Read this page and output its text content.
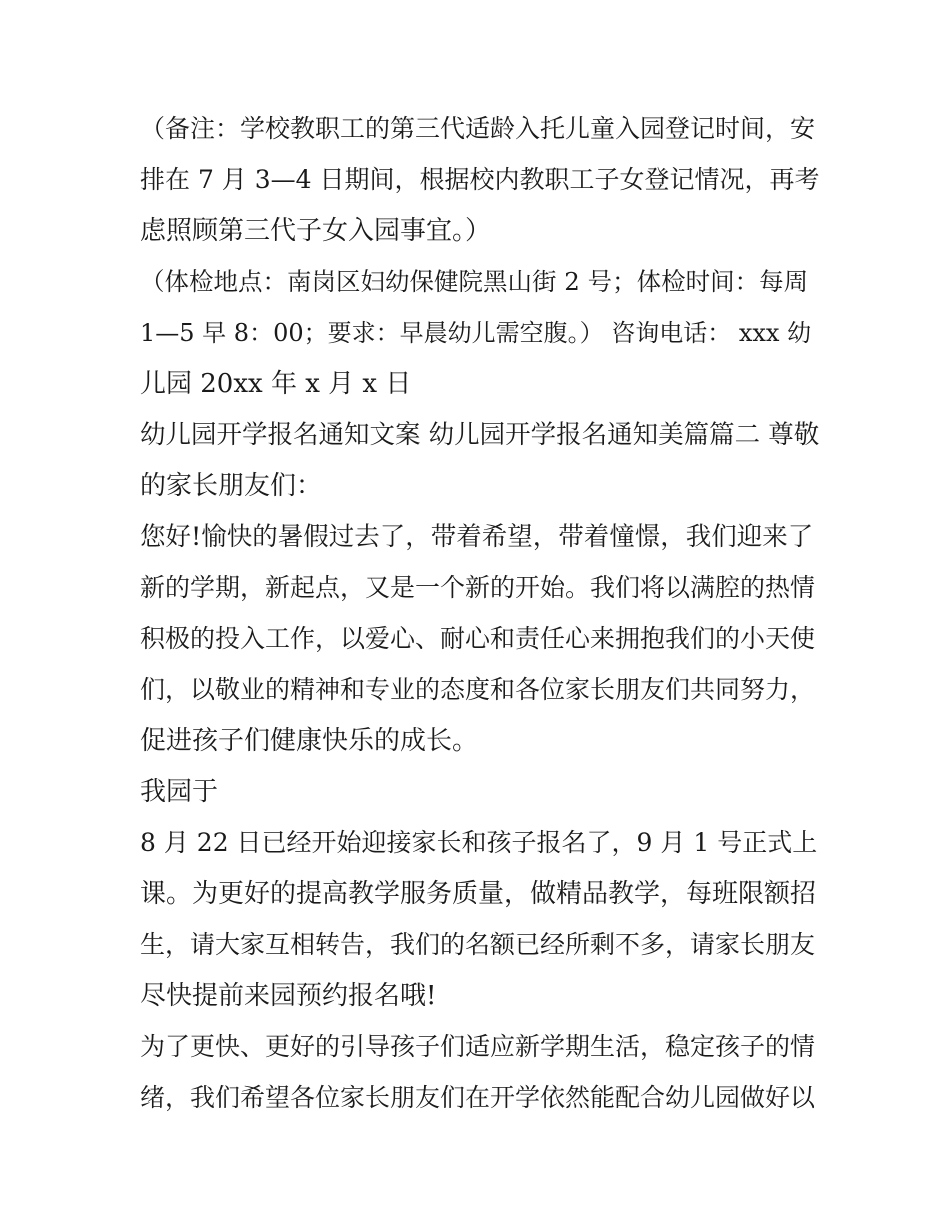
（备注：学校教职工的第三代适龄入托儿童入园登记时间，安
排在 7 月 3—4 日期间，根据校内教职工子女登记情况，再考
虑照顾第三代子女入园事宜。）
（体检地点：南岗区妇幼保健院黑山街 2 号；体检时间：每周
1—5 早 8：00；要求：早晨幼儿需空腹。） 咨询电话： xxx 幼
儿园 20xx 年 x 月 x 日
幼儿园开学报名通知文案 幼儿园开学报名通知美篇篇二 尊敬
的家长朋友们：
您好!愉快的暑假过去了，带着希望，带着憧憬，我们迎来了
新的学期，新起点，又是一个新的开始。我们将以满腔的热情
积极的投入工作，以爱心、耐心和责任心来拥抱我们的小天使
们，以敬业的精神和专业的态度和各位家长朋友们共同努力，
促进孩子们健康快乐的成长。
我园于
8 月 22 日已经开始迎接家长和孩子报名了，9 月 1 号正式上
课。为更好的提高教学服务质量，做精品教学，每班限额招
生，请大家互相转告，我们的名额已经所剩不多，请家长朋友
尽快提前来园预约报名哦!
为了更快、更好的引导孩子们适应新学期生活，稳定孩子的情
绪，我们希望各位家长朋友们在开学依然能配合幼儿园做好以
